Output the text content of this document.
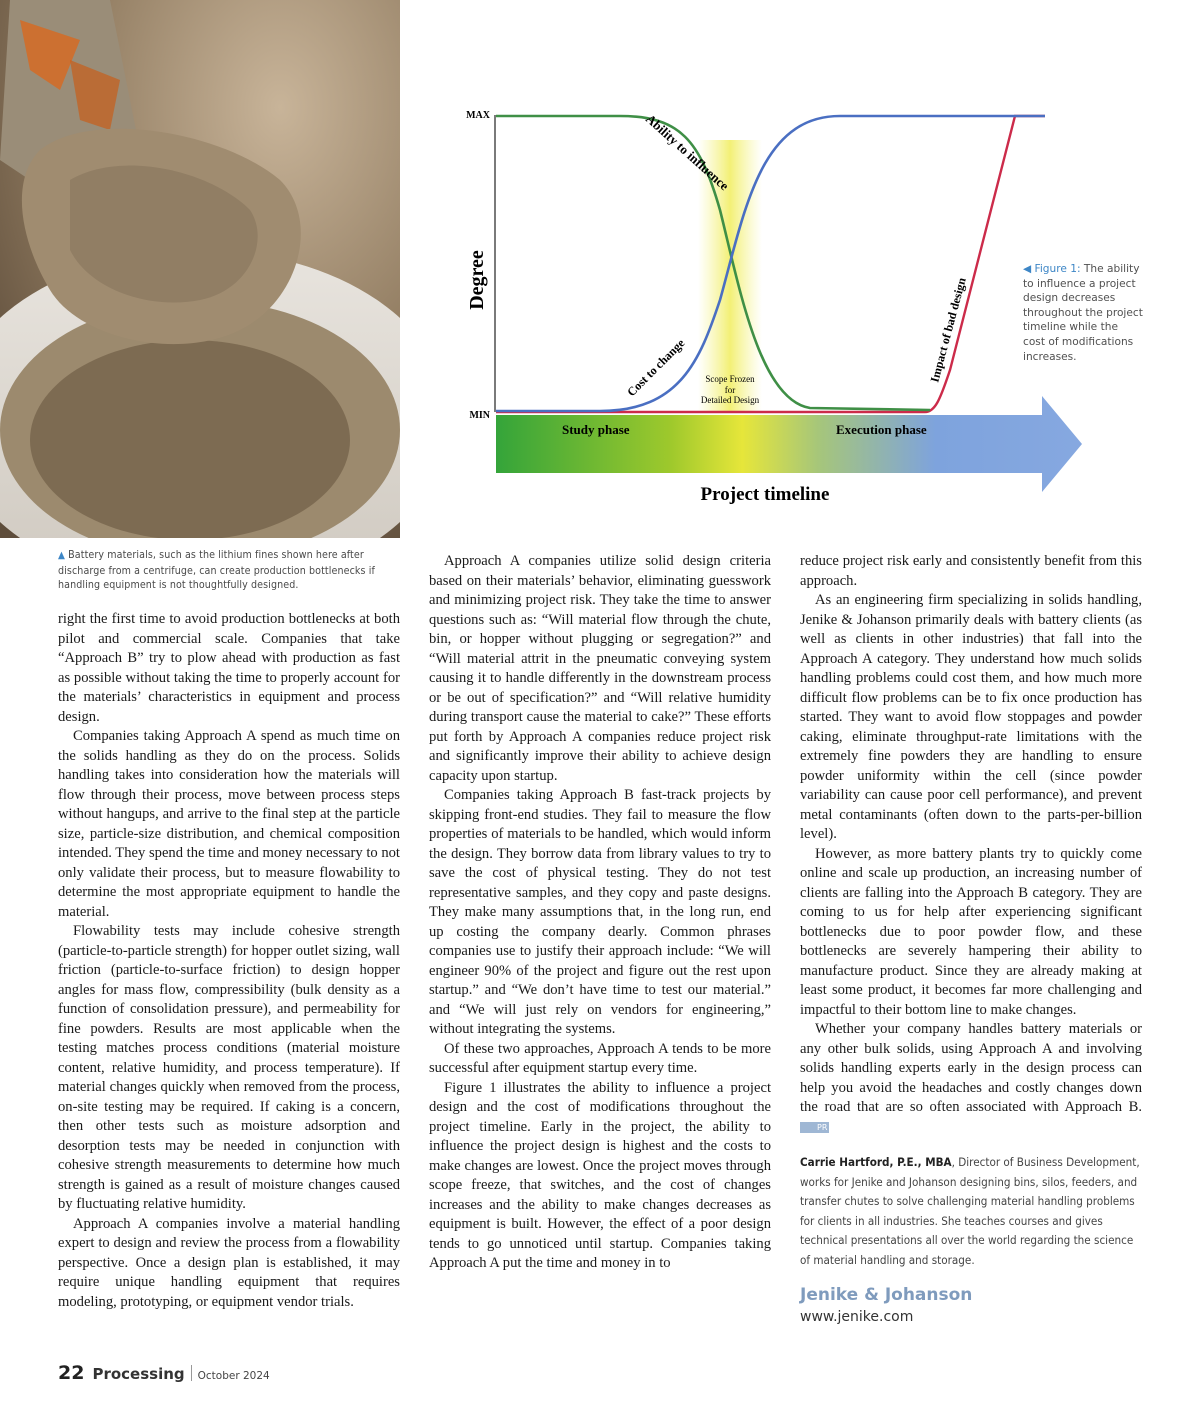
▲ Battery materials, such as the lithium fines shown here after discharge from a centrifuge, can create production bottlenecks if handling equipment is not thoughtfully designed.
MAX
MIN
Degree
Study phase	Execution phase
Project timeline
Scope Frozen
for
Detailed Design
Ability to influence
Cost to change	Impact of bad design
◀ Figure 1: The ability to influence a project design decreases throughout the project timeline while the cost of modifications increases.

right the first time to avoid production bottlenecks at both pilot and commercial scale. Companies that take “Approach B” try to plow ahead with production as fast as possible without taking the time to properly account for the materials’ characteristics in equipment and process design.

Companies taking Approach A spend as much time on the solids handling as they do on the process. Solids handling takes into consideration how the materials will flow through their process, move between process steps without hangups, and arrive to the final step at the particle size, particle-size distribution, and chemical composition intended. They spend the time and money necessary to not only validate their process, but to measure flowability to determine the most appropriate equipment to handle the material.

Flowability tests may include cohesive strength (particle-to-particle strength) for hopper outlet sizing, wall friction (particle-to-surface friction) to design hopper angles for mass flow, compressibility (bulk density as a function of consolidation pressure), and permeability for fine powders. Results are most applicable when the testing matches process conditions (material moisture content, relative humidity, and process temperature). If material changes quickly when removed from the process, on-site testing may be required. If caking is a concern, then other tests such as moisture adsorption and desorption tests may be needed in conjunction with cohesive strength measurements to determine how much strength is gained as a result of moisture changes caused by fluctuating relative humidity.

Approach A companies involve a material handling expert to design and review the process from a flowability perspective. Once a design plan is established, it may require unique handling equipment that requires modeling, prototyping, or equipment vendor trials.

Approach A companies utilize solid design criteria based on their materials’ behavior, eliminating guesswork and minimizing project risk. They take the time to answer questions such as: “Will material flow through the chute, bin, or hopper without plugging or segregation?” and “Will material attrit in the pneumatic conveying system causing it to handle differently in the downstream process or be out of specification?” and “Will relative humidity during transport cause the material to cake?” These efforts put forth by Approach A companies reduce project risk and significantly improve their ability to achieve design capacity upon startup.

Companies taking Approach B fast-track projects by skipping front-end studies. They fail to measure the flow properties of materials to be handled, which would inform the design. They borrow data from library values to try to save the cost of physical testing. They do not test representative samples, and they copy and paste designs. They make many assumptions that, in the long run, end up costing the company dearly. Common phrases companies use to justify their approach include: “We will engineer 90% of the project and figure out the rest upon startup.” and “We don’t have time to test our material.” and “We will just rely on vendors for engineering,” without integrating the systems.

Of these two approaches, Approach A tends to be more successful after equipment startup every time.

Figure 1 illustrates the ability to influence a project design and the cost of modifications throughout the project timeline. Early in the project, the ability to influence the project design is highest and the costs to make changes are lowest. Once the project moves through scope freeze, that switches, and the cost of changes increases and the ability to make changes decreases as equipment is built. However, the effect of a poor design tends to go unnoticed until startup. Companies taking Approach A put the time and money in to

reduce project risk early and consistently benefit from this approach.

As an engineering firm specializing in solids handling, Jenike & Johanson primarily deals with battery clients (as well as clients in other industries) that fall into the Approach A category. They understand how much solids handling problems could cost them, and how much more difficult flow problems can be to fix once production has started. They want to avoid flow stoppages and powder caking, eliminate throughput-rate limitations with the extremely fine powders they are handling to ensure powder uniformity within the cell (since powder variability can cause poor cell performance), and prevent metal contaminants (often down to the parts-per-billion level).

However, as more battery plants try to quickly come online and scale up production, an increasing number of clients are falling into the Approach B category. They are coming to us for help after experiencing significant bottlenecks due to poor powder flow, and these bottlenecks are severely hampering their ability to manufacture product. Since they are already making at least some product, it becomes far more challenging and impactful to their bottom line to make changes.

Whether your company handles battery materials or any other bulk solids, using Approach A and involving solids handling experts early in the design process can help you avoid the headaches and costly changes down the road that are so often associated with Approach B. PR

Carrie Hartford, P.E., MBA, Director of Business Development, works for Jenike and Johanson designing bins, silos, feeders, and transfer chutes to solve challenging material handling problems for clients in all industries. She teaches courses and gives technical presentations all over the world regarding the science of material handling and storage.
Jenike & Johanson
www.jenike.com
22 Processing October 2024
